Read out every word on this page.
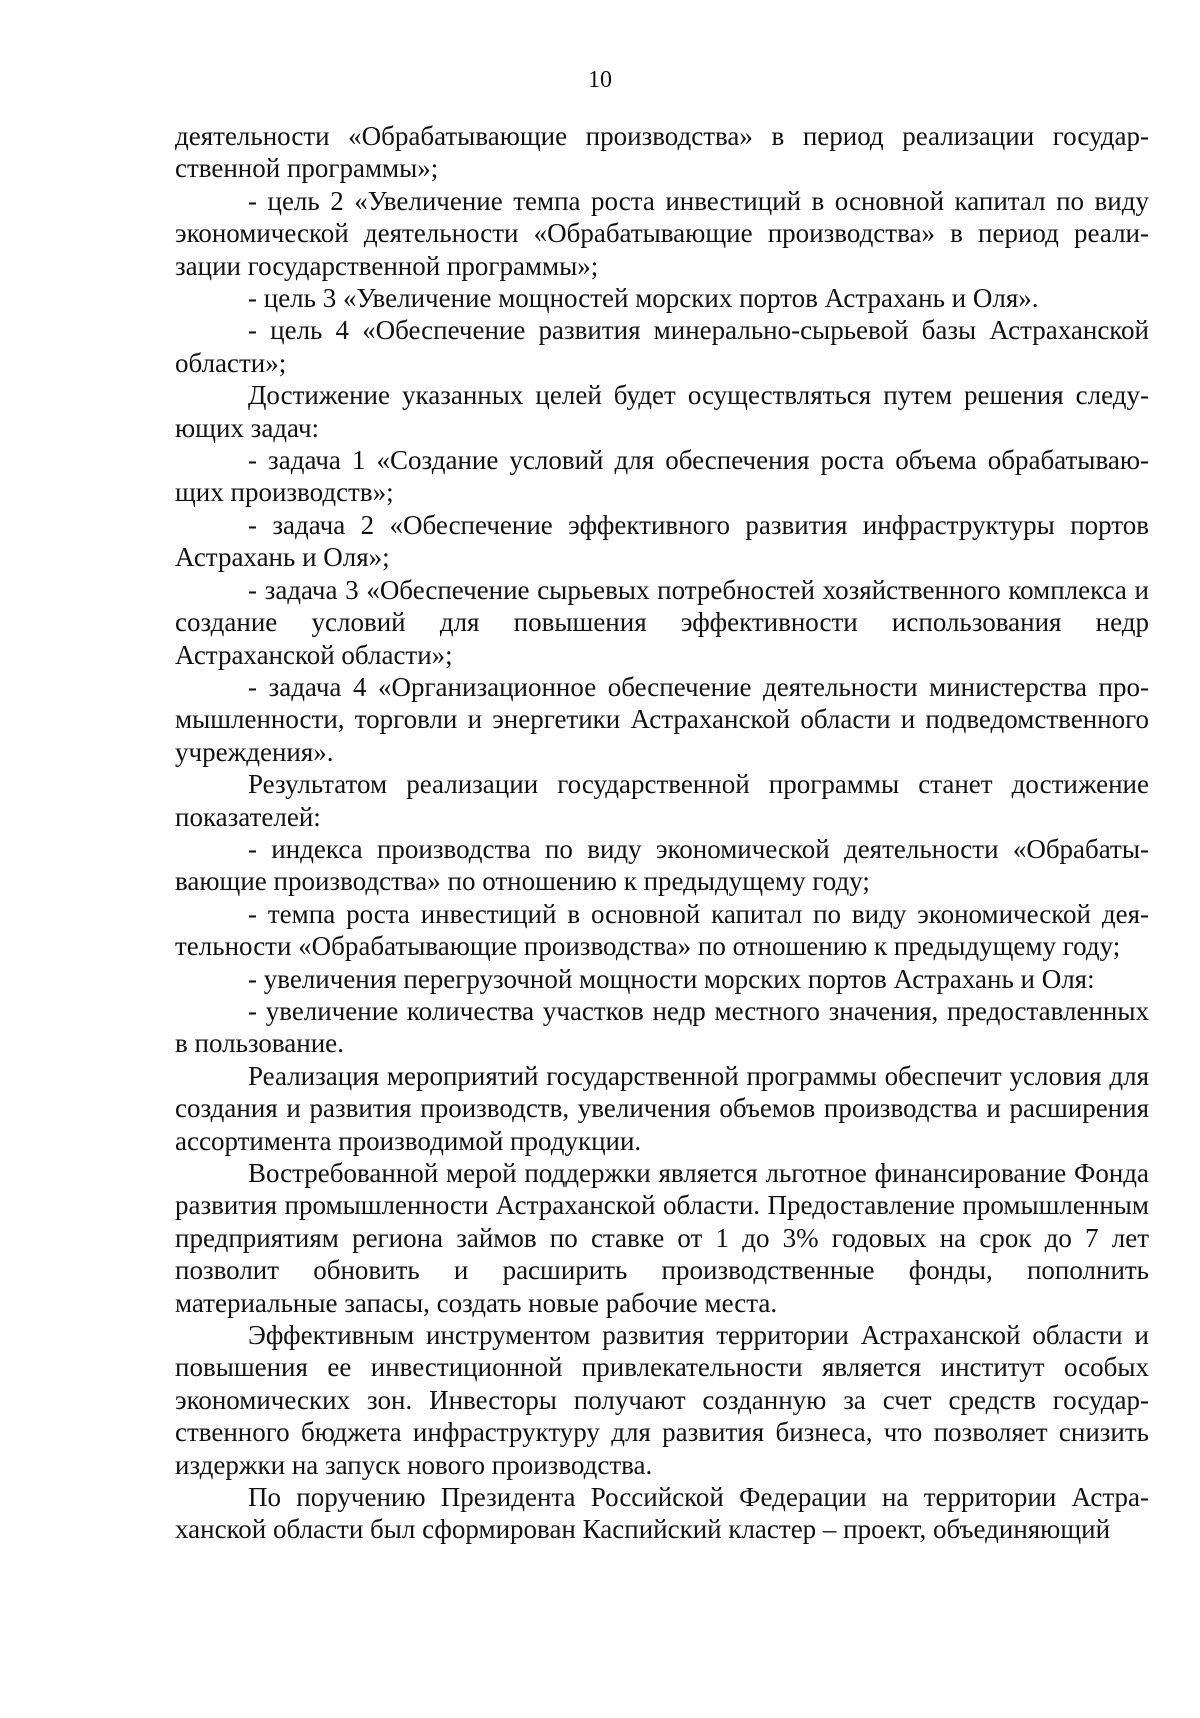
10

деятельности «Обрабатывающие производства» в период реализации государственной программы»;

- цель 2 «Увеличение темпа роста инвестиций в основной капитал по виду экономической деятельности «Обрабатывающие производства» в период реализации государственной программы»;

- цель 3 «Увеличение мощностей морских портов Астрахань и Оля».

- цель 4 «Обеспечение развития минерально-сырьевой базы Астраханской области»;

Достижение указанных целей будет осуществляться путем решения следующих задач:

- задача 1 «Создание условий для обеспечения роста объема обрабатывающих производств»;

- задача 2 «Обеспечение эффективного развития инфраструктуры портов Астрахань и Оля»;

- задача 3 «Обеспечение сырьевых потребностей хозяйственного комплекса и создание условий для повышения эффективности использования недр Астраханской области»;

- задача 4 «Организационное обеспечение деятельности министерства промышленности, торговли и энергетики Астраханской области и подведомственного учреждения».

Результатом реализации государственной программы станет достижение показателей:

- индекса производства по виду экономической деятельности «Обрабатывающие производства» по отношению к предыдущему году;

- темпа роста инвестиций в основной капитал по виду экономической деятельности «Обрабатывающие производства» по отношению к предыдущему году;

- увеличения перегрузочной мощности морских портов Астрахань и Оля:

- увеличение количества участков недр местного значения, предоставленных в пользование.

Реализация мероприятий государственной программы обеспечит условия для создания и развития производств, увеличения объемов производства и расширения ассортимента производимой продукции.

Востребованной мерой поддержки является льготное финансирование Фонда развития промышленности Астраханской области. Предоставление промышленным предприятиям региона займов по ставке от 1 до 3% годовых на срок до 7 лет позволит обновить и расширить производственные фонды, пополнить материальные запасы, создать новые рабочие места.

Эффективным инструментом развития территории Астраханской области и повышения ее инвестиционной привлекательности является институт особых экономических зон. Инвесторы получают созданную за счет средств государственного бюджета инфраструктуру для развития бизнеса, что позволяет снизить издержки на запуск нового производства.

По поручению Президента Российской Федерации на территории Астраханской области был сформирован Каспийский кластер – проект, объединяющий
